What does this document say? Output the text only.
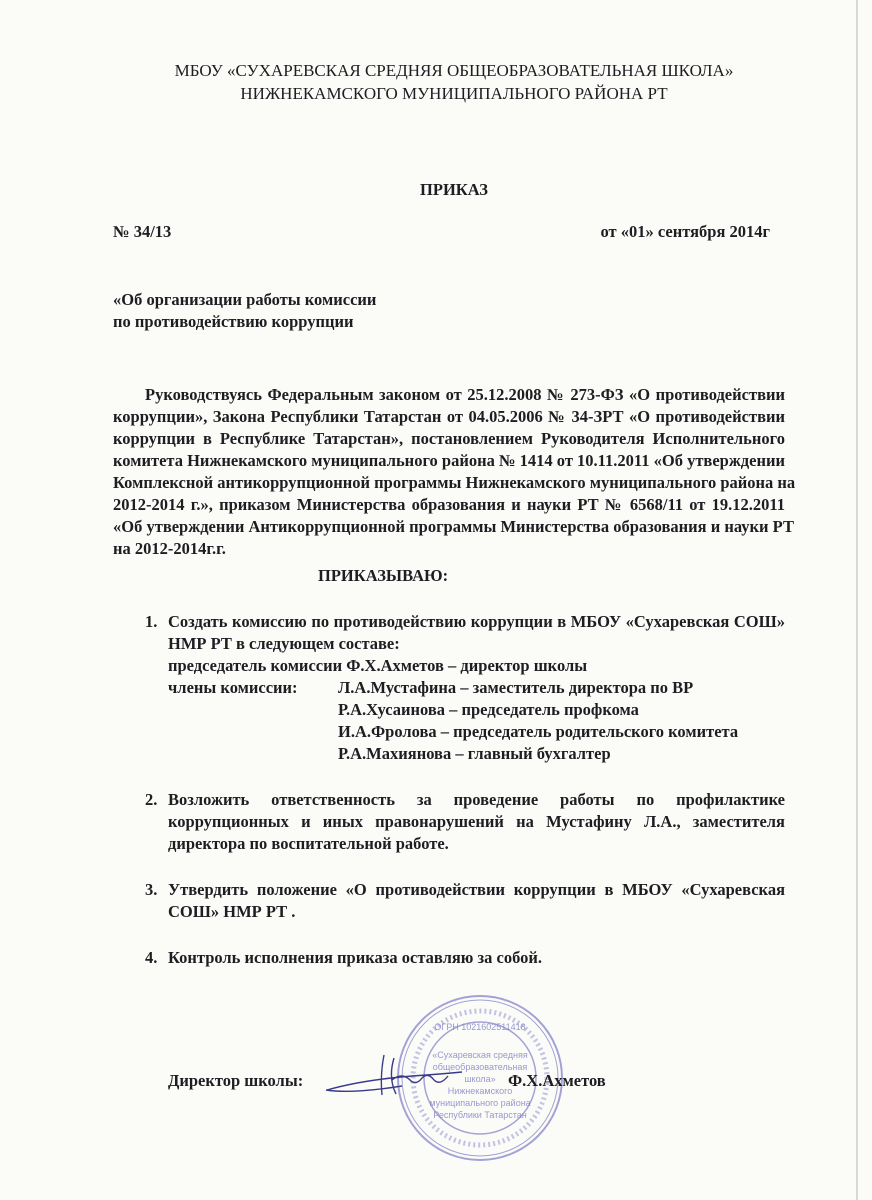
МБОУ «СУХАРЕВСКАЯ СРЕДНЯЯ ОБЩЕОБРАЗОВАТЕЛЬНАЯ ШКОЛА»
НИЖНЕКАМСКОГО МУНИЦИПАЛЬНОГО РАЙОНА РТ
ПРИКАЗ
№ 34/13	от «01» сентября 2014г
«Об организации работы комиссии
по противодействию коррупции
Руководствуясь Федеральным законом от 25.12.2008 № 273-ФЗ «О противодействии
коррупции», Закона Республики Татарстан от 04.05.2006 № 34-ЗРТ «О противодействии
коррупции в Республике Татарстан», постановлением Руководителя Исполнительного
комитета Нижнекамского муниципального района № 1414 от 10.11.2011 «Об утверждении
Комплексной антикоррупционной программы Нижнекамского муниципального района на
2012-2014 г.», приказом Министерства образования и науки РТ № 6568/11 от 19.12.2011
«Об утверждении Антикоррупционной программы Министерства образования и науки РТ
на 2012-2014г.г.
ПРИКАЗЫВАЮ:
1. Создать комиссию по противодействию коррупции в МБОУ «Сухаревская СОШ»
НМР РТ в следующем составе:
председатель комиссии Ф.Х.Ахметов – директор школы
члены комиссии: Л.А.Мустафина – заместитель директора по ВР
Р.А.Хусаинова – председатель профкома
И.А.Фролова – председатель родительского комитета
Р.А.Махиянова – главный бухгалтер
2. Возложить ответственность за проведение работы по профилактике
коррупционных и иных правонарушений на Мустафину Л.А., заместителя
директора по воспитательной работе.
3. Утвердить положение «О противодействии коррупции в МБОУ «Сухаревская
СОШ» НМР РТ .
4. Контроль исполнения приказа оставляю за собой.
ОГРН 1021602511418
«Сухаревская средняя
общеобразовательная
школа»
Нижнекамского
муниципального района
Республики Татарстан
Директор школы:	Ф.Х.Ахметов
